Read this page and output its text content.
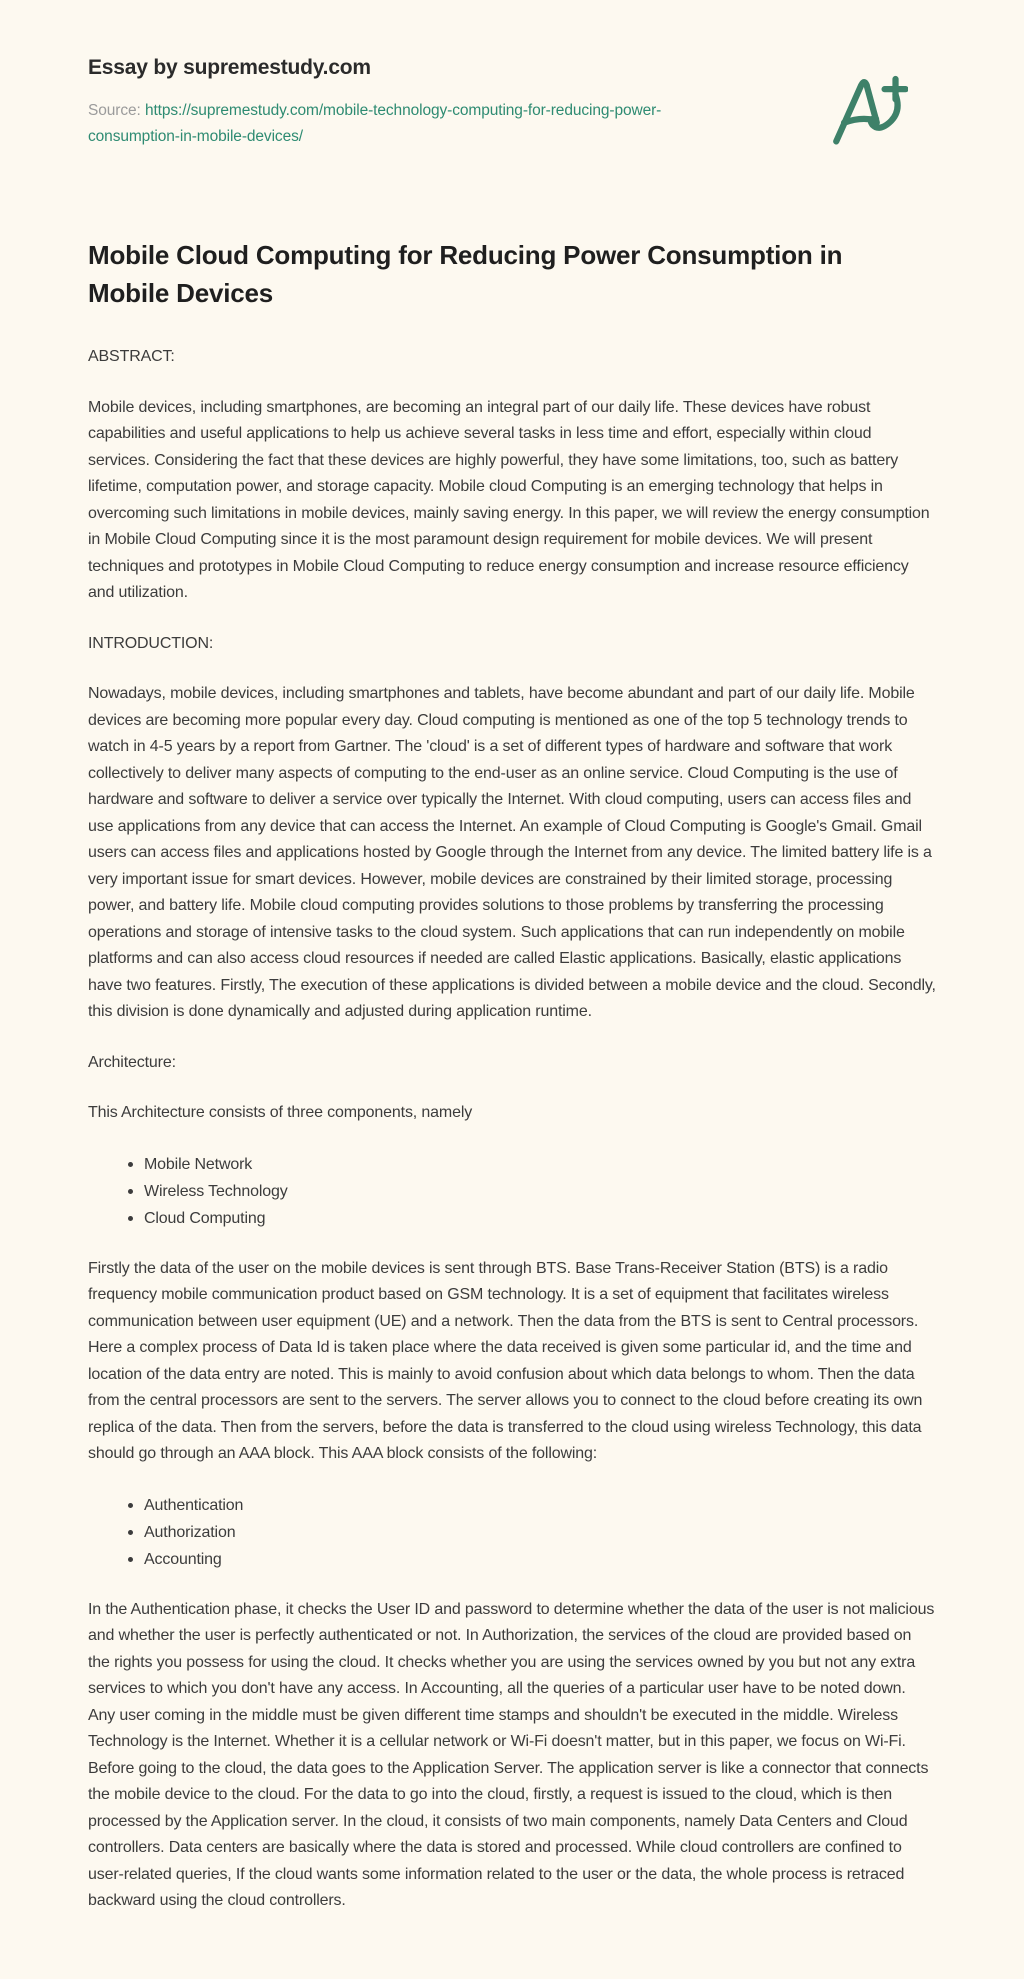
Essay by supremestudy.com
Source: https://supremestudy.com/mobile-technology-computing-for-reducing-power-consumption-in-mobile-devices/
Mobile Cloud Computing for Reducing Power Consumption in Mobile Devices
ABSTRACT:

Mobile devices, including smartphones, are becoming an integral part of our daily life. These devices have robust capabilities and useful applications to help us achieve several tasks in less time and effort, especially within cloud services. Considering the fact that these devices are highly powerful, they have some limitations, too, such as battery lifetime, computation power, and storage capacity. Mobile cloud Computing is an emerging technology that helps in overcoming such limitations in mobile devices, mainly saving energy. In this paper, we will review the energy consumption in Mobile Cloud Computing since it is the most paramount design requirement for mobile devices. We will present techniques and prototypes in Mobile Cloud Computing to reduce energy consumption and increase resource efficiency and utilization.

INTRODUCTION:

Nowadays, mobile devices, including smartphones and tablets, have become abundant and part of our daily life. Mobile devices are becoming more popular every day. Cloud computing is mentioned as one of the top 5 technology trends to watch in 4-5 years by a report from Gartner. The 'cloud' is a set of different types of hardware and software that work collectively to deliver many aspects of computing to the end-user as an online service. Cloud Computing is the use of hardware and software to deliver a service over typically the Internet. With cloud computing, users can access files and use applications from any device that can access the Internet. An example of Cloud Computing is Google's Gmail. Gmail users can access files and applications hosted by Google through the Internet from any device. The limited battery life is a very important issue for smart devices. However, mobile devices are constrained by their limited storage, processing power, and battery life. Mobile cloud computing provides solutions to those problems by transferring the processing operations and storage of intensive tasks to the cloud system. Such applications that can run independently on mobile platforms and can also access cloud resources if needed are called Elastic applications. Basically, elastic applications have two features. Firstly, The execution of these applications is divided between a mobile device and the cloud. Secondly, this division is done dynamically and adjusted during application runtime.

Architecture:

This Architecture consists of three components, namely

Mobile Network
Wireless Technology
Cloud Computing

Firstly the data of the user on the mobile devices is sent through BTS. Base Trans-Receiver Station (BTS) is a radio frequency mobile communication product based on GSM technology. It is a set of equipment that facilitates wireless communication between user equipment (UE) and a network. Then the data from the BTS is sent to Central processors. Here a complex process of Data Id is taken place where the data received is given some particular id, and the time and location of the data entry are noted. This is mainly to avoid confusion about which data belongs to whom. Then the data from the central processors are sent to the servers. The server allows you to connect to the cloud before creating its own replica of the data. Then from the servers, before the data is transferred to the cloud using wireless Technology, this data should go through an AAA block. This AAA block consists of the following:

Authentication
Authorization
Accounting

In the Authentication phase, it checks the User ID and password to determine whether the data of the user is not malicious and whether the user is perfectly authenticated or not. In Authorization, the services of the cloud are provided based on the rights you possess for using the cloud. It checks whether you are using the services owned by you but not any extra services to which you don't have any access. In Accounting, all the queries of a particular user have to be noted down. Any user coming in the middle must be given different time stamps and shouldn't be executed in the middle. Wireless Technology is the Internet. Whether it is a cellular network or Wi-Fi doesn't matter, but in this paper, we focus on Wi-Fi. Before going to the cloud, the data goes to the Application Server. The application server is like a connector that connects the mobile device to the cloud. For the data to go into the cloud, firstly, a request is issued to the cloud, which is then processed by the Application server. In the cloud, it consists of two main components, namely Data Centers and Cloud controllers. Data centers are basically where the data is stored and processed. While cloud controllers are confined to user-related queries, If the cloud wants some information related to the user or the data, the whole process is retraced backward using the cloud controllers.
